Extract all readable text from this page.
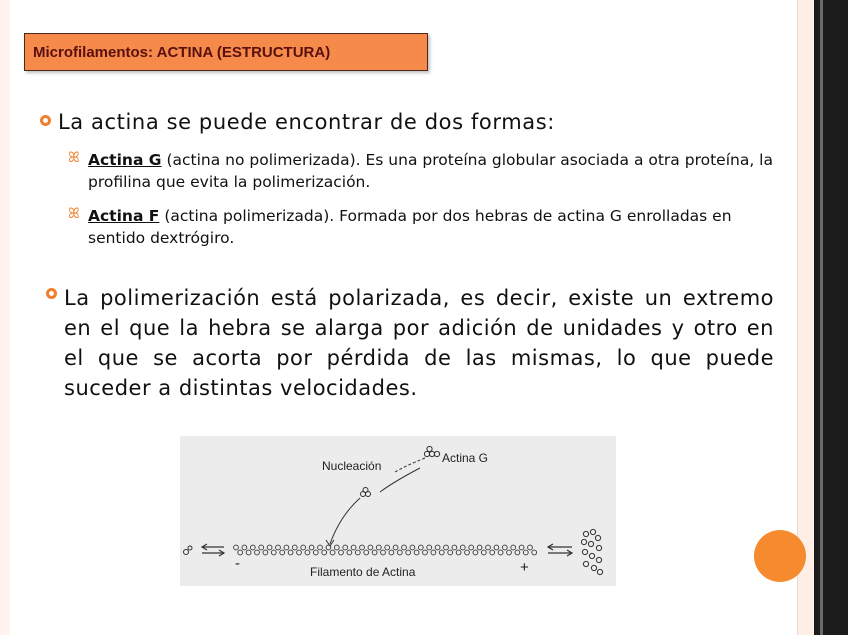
Microfilamentos: ACTINA (ESTRUCTURA)
La actina se puede encontrar de dos formas:
ꕤ Actina G (actina no polimerizada). Es una proteína globular asociada a otra proteína, la profilina que evita la polimerización.
ꕤ Actina F (actina polimerizada). Formada por dos hebras de actina G enrolladas en sentido dextrógiro.
La polimerización está polarizada, es decir, existe un extremo en el que la hebra se alarga por adición de unidades y otro en el que se acorta por pérdida de las mismas, lo que puede suceder a distintas velocidades.
Nucleación
Actina G
Filamento de Actina
-	+
